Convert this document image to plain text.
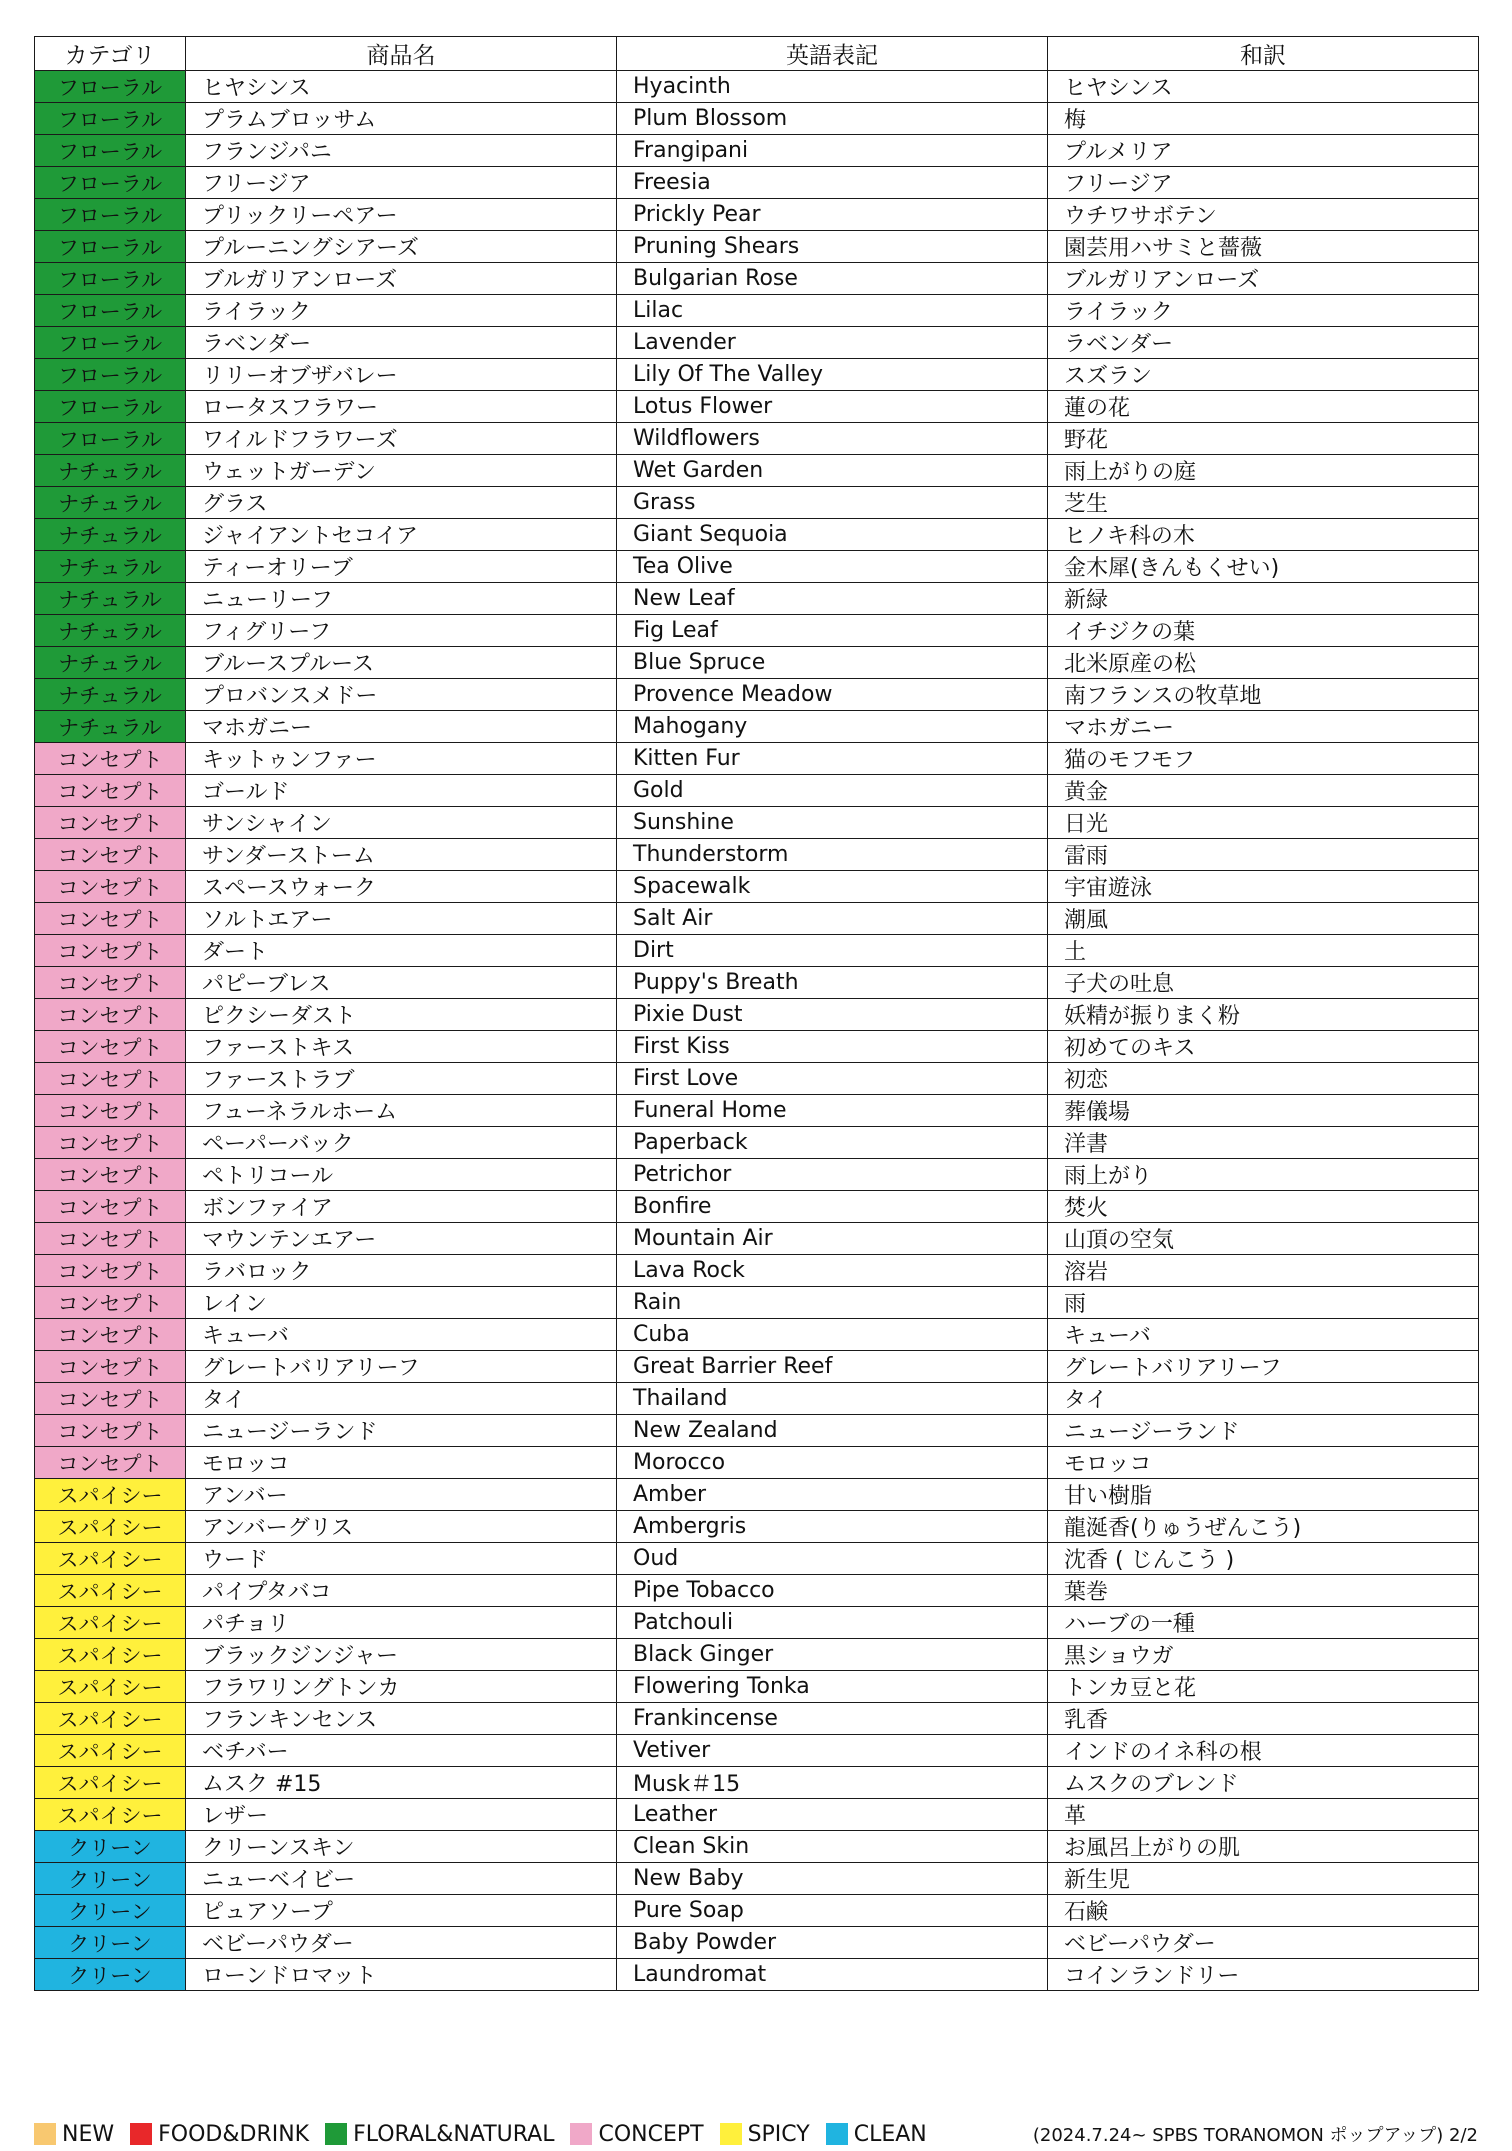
カテゴリ	商品名	英語表記	和訳
フローラル	ヒヤシンス	Hyacinth	ヒヤシンス
フローラル	プラムブロッサム	Plum Blossom	梅
フローラル	フランジパニ	Frangipani	プルメリア
フローラル	フリージア	Freesia	フリージア
フローラル	プリックリーペアー	Prickly Pear	ウチワサボテン
フローラル	プルーニングシアーズ	Pruning Shears	園芸用ハサミと薔薇
フローラル	ブルガリアンローズ	Bulgarian Rose	ブルガリアンローズ
フローラル	ライラック	Lilac	ライラック
フローラル	ラベンダー	Lavender	ラベンダー
フローラル	リリーオブザバレー	Lily Of The Valley	スズラン
フローラル	ロータスフラワー	Lotus Flower	蓮の花
フローラル	ワイルドフラワーズ	Wildflowers	野花
ナチュラル	ウェットガーデン	Wet Garden	雨上がりの庭
ナチュラル	グラス	Grass	芝生
ナチュラル	ジャイアントセコイア	Giant Sequoia	ヒノキ科の木
ナチュラル	ティーオリーブ	Tea Olive	金木犀(きんもくせい)
ナチュラル	ニューリーフ	New Leaf	新緑
ナチュラル	フィグリーフ	Fig Leaf	イチジクの葉
ナチュラル	ブルースプルース	Blue Spruce	北米原産の松
ナチュラル	プロバンスメドー	Provence Meadow	南フランスの牧草地
ナチュラル	マホガニー	Mahogany	マホガニー
コンセプト	キットゥンファー	Kitten Fur	猫のモフモフ
コンセプト	ゴールド	Gold	黄金
コンセプト	サンシャイン	Sunshine	日光
コンセプト	サンダーストーム	Thunderstorm	雷雨
コンセプト	スペースウォーク	Spacewalk	宇宙遊泳
コンセプト	ソルトエアー	Salt Air	潮風
コンセプト	ダート	Dirt	土
コンセプト	パピーブレス	Puppy's Breath	子犬の吐息
コンセプト	ピクシーダスト	Pixie Dust	妖精が振りまく粉
コンセプト	ファーストキス	First Kiss	初めてのキス
コンセプト	ファーストラブ	First Love	初恋
コンセプト	フューネラルホーム	Funeral Home	葬儀場
コンセプト	ペーパーバック	Paperback	洋書
コンセプト	ペトリコール	Petrichor	雨上がり
コンセプト	ボンファイア	Bonfire	焚火
コンセプト	マウンテンエアー	Mountain Air	山頂の空気
コンセプト	ラバロック	Lava Rock	溶岩
コンセプト	レイン	Rain	雨
コンセプト	キューバ	Cuba	キューバ
コンセプト	グレートバリアリーフ	Great Barrier Reef	グレートバリアリーフ
コンセプト	タイ	Thailand	タイ
コンセプト	ニュージーランド	New Zealand	ニュージーランド
コンセプト	モロッコ	Morocco	モロッコ
スパイシー	アンバー	Amber	甘い樹脂
スパイシー	アンバーグリス	Ambergris	龍涎香(りゅうぜんこう)
スパイシー	ウード	Oud	沈香 ( じんこう )
スパイシー	パイプタバコ	Pipe Tobacco	葉巻
スパイシー	パチョリ	Patchouli	ハーブの一種
スパイシー	ブラックジンジャー	Black Ginger	黒ショウガ
スパイシー	フラワリングトンカ	Flowering Tonka	トンカ豆と花
スパイシー	フランキンセンス	Frankincense	乳香
スパイシー	ベチバー	Vetiver	インドのイネ科の根
スパイシー	ムスク #15	Musk＃15	ムスクのブレンド
スパイシー	レザー	Leather	革
クリーン	クリーンスキン	Clean Skin	お風呂上がりの肌
クリーン	ニューベイビー	New Baby	新生児
クリーン	ピュアソープ	Pure Soap	石鹸
クリーン	ベビーパウダー	Baby Powder	ベビーパウダー
クリーン	ローンドロマット	Laundromat	コインランドリー
NEW FOOD&DRINK FLORAL&NATURAL CONCEPT SPICY CLEAN	(2024.7.24~ SPBS TORANOMON ポップアップ) 2/2
